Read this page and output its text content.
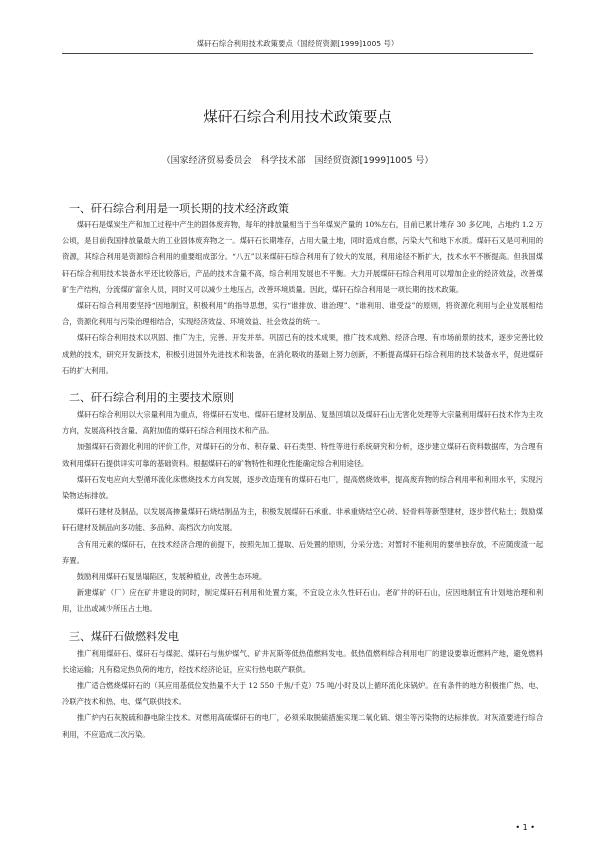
煤矸石综合利用技术政策要点（国经贸资源[1999]1005 号）
煤矸石综合利用技术政策要点
（国家经济贸易委员会　科学技术部　国经贸资源[1999]1005 号）
一、矸石综合利用是一项长期的技术经济政策

煤矸石是煤炭生产和加工过程中产生的固体废弃物，每年的排放量相当于当年煤炭产量的 10%左右，目前已累计堆存 30 多亿吨，占地约 1.2 万公顷，是目前我国排放量最大的工业固体废弃物之一。煤矸石长期堆存，占用大量土地，同时造成自燃，污染大气和地下水质。煤矸石又是可利用的资源，其综合利用是资源综合利用的重要组成部分。“八五”以来煤矸石综合利用有了较大的发展，利用途径不断扩大，技术水平不断提高。但我国煤矸石综合利用技术装备水平还比较落后，产品的技术含量不高，综合利用发展也不平衡。大力开展煤矸石综合利用可以增加企业的经济效益，改善煤矿生产结构，分流煤矿富余人员，同时又可以减少土地压占，改善环境质量。因此，煤矸石综合利用是一项长期的技术政策。

煤矸石综合利用要坚持“因地制宜，积极利用”的指导思想，实行“谁排放、谁治理”、“谁利用、谁受益”的原则，将资源化利用与企业发展相结合，资源化利用与污染治理相结合，实现经济效益、环境效益、社会效益的统一。

煤矸石综合利用技术以巩固、推广为主，完善、开发并举。巩固已有的技术成果，推广技术成熟、经济合理、有市场前景的技术，逐步完善比较成熟的技术，研究开发新技术，积极引进国外先进技术和装备，在消化吸收的基础上努力创新，不断提高煤矸石综合利用的技术装备水平，促进煤矸石的扩大利用。

二、矸石综合利用的主要技术原则

煤矸石综合利用以大宗量利用为重点，将煤矸石发电、煤矸石建材及制品、复垦回填以及煤矸石山无害化处理等大宗量利用煤矸石技术作为主攻方向，发展高科技含量、高附加值的煤矸石综合利用技术和产品。

加强煤矸石资源化利用的评价工作，对煤矸石的分布、积存量、矸石类型、特性等进行系统研究和分析，逐步建立煤矸石资料数据库，为合理有效利用煤矸石提供详实可靠的基础资料。根据煤矸石的矿物特性和理化性能确定综合利用途径。

煤矸石发电应向大型循环流化床燃烧技术方向发展，逐步改造现有的煤矸石电厂，提高燃烧效率，提高废弃物的综合利用率和利用水平，实现污染物达标排放。

煤矸石建材及制品，以发展高掺量煤矸石烧结制品为主，积极发展煤矸石承重、非承重烧结空心砖、轻骨料等新型建材，逐步替代粘土；鼓励煤矸石建材及制品向多功能、多品种、高档次方向发展。

含有用元素的煤矸石，在技术经济合理的前提下，按照先加工提取、后处置的原则，分采分选；对暂时不能利用的要单独存放，不应随废渣一起弃置。

鼓励利用煤矸石复垦塌陷区，发展种植业，改善生态环境。

新建煤矿（厂）应在矿井建设的同时，制定煤矸石利用和处置方案，不宜设立永久性矸石山。老矿井的矸石山，应因地制宜有计划地治理和利用，让出或减少所压占土地。

三、煤矸石做燃料发电

推广利用煤矸石、煤矸石与煤泥、煤矸石与焦炉煤气、矿井瓦斯等低热值燃料发电。低热值燃料综合利用电厂的建设要靠近燃料产地，避免燃料长途运输；凡有稳定热负荷的地方，经技术经济论证，应实行热电联产联供。

推广适合燃烧煤矸石的（其应用基低位发热量不大于 12 550 千焦/千克）75 吨/小时及以上循环流化床锅炉。在有条件的地方积极推广热、电、冷联产技术和热、电、煤气联供技术。

推广炉内石灰脱硫和静电除尘技术。对燃用高硫煤矸石的电厂，必须采取脱硫措施实现二氧化硫、烟尘等污染物的达标排放。对灰渣要进行综合利用，不应造成二次污染。

• 1 •
